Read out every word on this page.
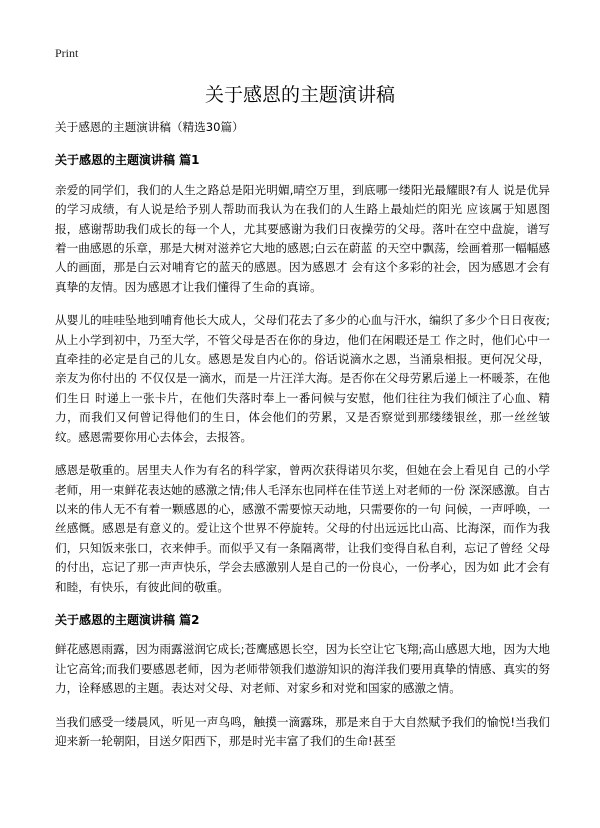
Print
关于感恩的主题演讲稿

关于感恩的主题演讲稿（精选30篇）

关于感恩的主题演讲稿 篇1

亲爱的同学们，我们的人生之路总是阳光明媚,晴空万里，到底哪一缕阳光最耀眼?有人 说是优异的学习成绩，有人说是给予别人帮助而我认为在我们的人生路上最灿烂的阳光 应该属于知恩图报，感谢帮助我们成长的每一个人，尤其要感谢为我们日夜操劳的父母。落叶在空中盘旋，谱写着一曲感恩的乐章，那是大树对滋养它大地的感恩;白云在蔚蓝 的天空中飘荡，绘画着那一幅幅感人的画面，那是白云对哺育它的蓝天的感恩。因为感恩才 会有这个多彩的社会，因为感恩才会有真挚的友情。因为感恩才让我们懂得了生命的真谛。

从婴儿的哇哇坠地到哺育他长大成人，父母们花去了多少的心血与汗水，编织了多少个日日夜夜;从上小学到初中，乃至大学，不管父母是否在你的身边，他们在闲暇还是工 作之时，他们心中一直牵挂的必定是自己的儿女。感恩是发自内心的。俗话说滴水之恩，当涌泉相报。更何况父母，亲友为你付出的 不仅仅是一滴水，而是一片汪洋大海。是否你在父母劳累后递上一杯暖茶，在他们生日 时递上一张卡片，在他们失落时奉上一番问候与安慰，他们往往为我们倾注了心血、精力，而我们又何曾记得他们的生日，体会他们的劳累，又是否察觉到那缕缕银丝，那一丝丝皱纹。感恩需要你用心去体会，去报答。

感恩是敬重的。居里夫人作为有名的科学家，曾两次获得诺贝尔奖，但她在会上看见自 己的小学老师，用一束鲜花表达她的感激之情;伟人毛泽东也同样在佳节送上对老师的一份 深深感激。自古以来的伟人无不有着一颗感恩的心，感激不需要惊天动地，只需要你的一句 问候，一声呼唤，一丝感慨。感恩是有意义的。爱让这个世界不停旋转。父母的付出远远比山高、比海深，而作为我们，只知饭来张口，衣来伸手。而似乎又有一条隔离带，让我们变得自私自利，忘记了曾经 父母的付出，忘记了那一声声快乐，学会去感激别人是自己的一份良心，一份孝心，因为如 此才会有和睦，有快乐，有彼此间的敬重。

关于感恩的主题演讲稿 篇2

鲜花感恩雨露，因为雨露滋润它成长;苍鹰感恩长空，因为长空让它飞翔;高山感恩大地，因为大地让它高耸;而我们要感恩老师，因为老师带领我们遨游知识的海洋我们要用真挚的情感、真实的努力，诠释感恩的主题。表达对父母、对老师、对家乡和对党和国家的感激之情。

当我们感受一缕晨风，听见一声鸟鸣，触摸一滴露珠，那是来自于大自然赋予我们的愉悦!当我们迎来新一轮朝阳，目送夕阳西下，那是时光丰富了我们的生命!甚至
